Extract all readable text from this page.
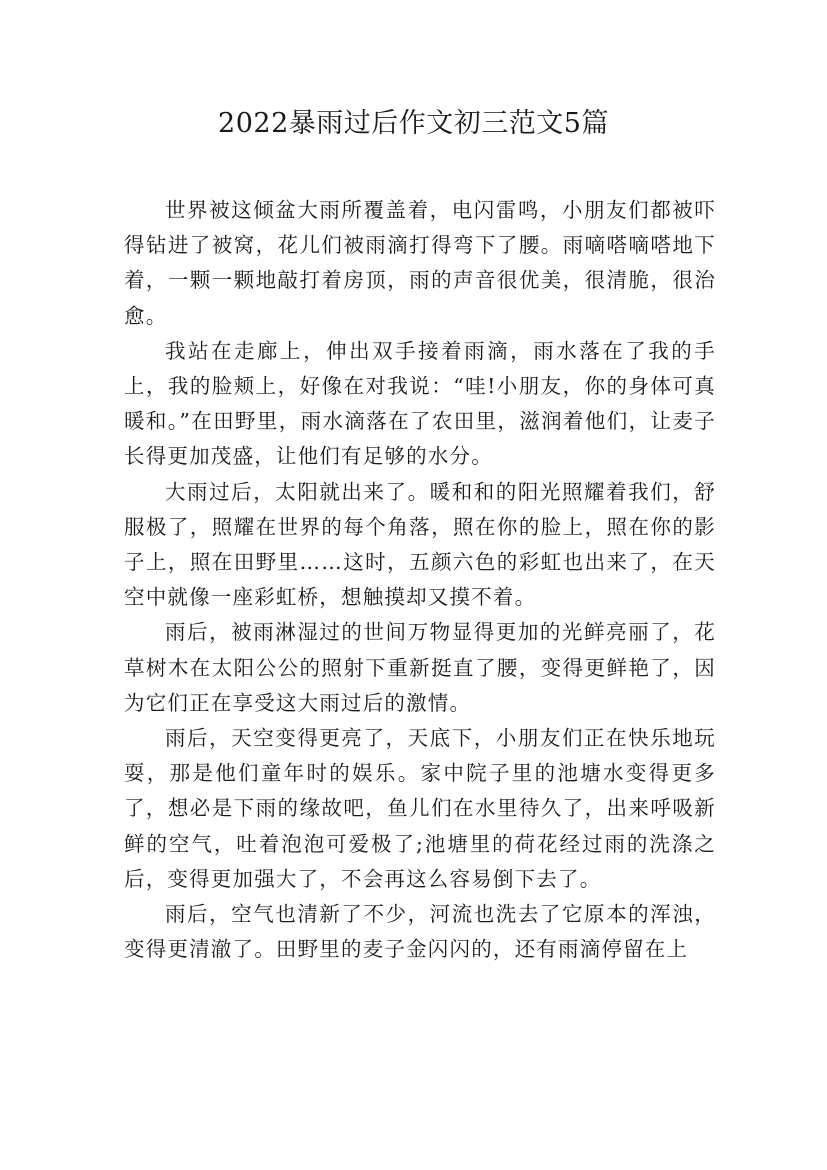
2022暴雨过后作文初三范文5篇

世界被这倾盆大雨所覆盖着，电闪雷鸣，小朋友们都被吓得钻进了被窝，花儿们被雨滴打得弯下了腰。雨嘀嗒嘀嗒地下着，一颗一颗地敲打着房顶，雨的声音很优美，很清脆，很治愈。

我站在走廊上，伸出双手接着雨滴，雨水落在了我的手上，我的脸颊上，好像在对我说：“哇!小朋友，你的身体可真暖和。”在田野里，雨水滴落在了农田里，滋润着他们，让麦子长得更加茂盛，让他们有足够的水分。

大雨过后，太阳就出来了。暖和和的阳光照耀着我们，舒服极了，照耀在世界的每个角落，照在你的脸上，照在你的影子上，照在田野里……这时，五颜六色的彩虹也出来了，在天空中就像一座彩虹桥，想触摸却又摸不着。

雨后，被雨淋湿过的世间万物显得更加的光鲜亮丽了，花草树木在太阳公公的照射下重新挺直了腰，变得更鲜艳了，因为它们正在享受这大雨过后的激情。

雨后，天空变得更亮了，天底下，小朋友们正在快乐地玩耍，那是他们童年时的娱乐。家中院子里的池塘水变得更多了，想必是下雨的缘故吧，鱼儿们在水里待久了，出来呼吸新鲜的空气，吐着泡泡可爱极了;池塘里的荷花经过雨的洗涤之后，变得更加强大了，不会再这么容易倒下去了。

雨后，空气也清新了不少，河流也洗去了它原本的浑浊，变得更清澈了。田野里的麦子金闪闪的，还有雨滴停留在上
